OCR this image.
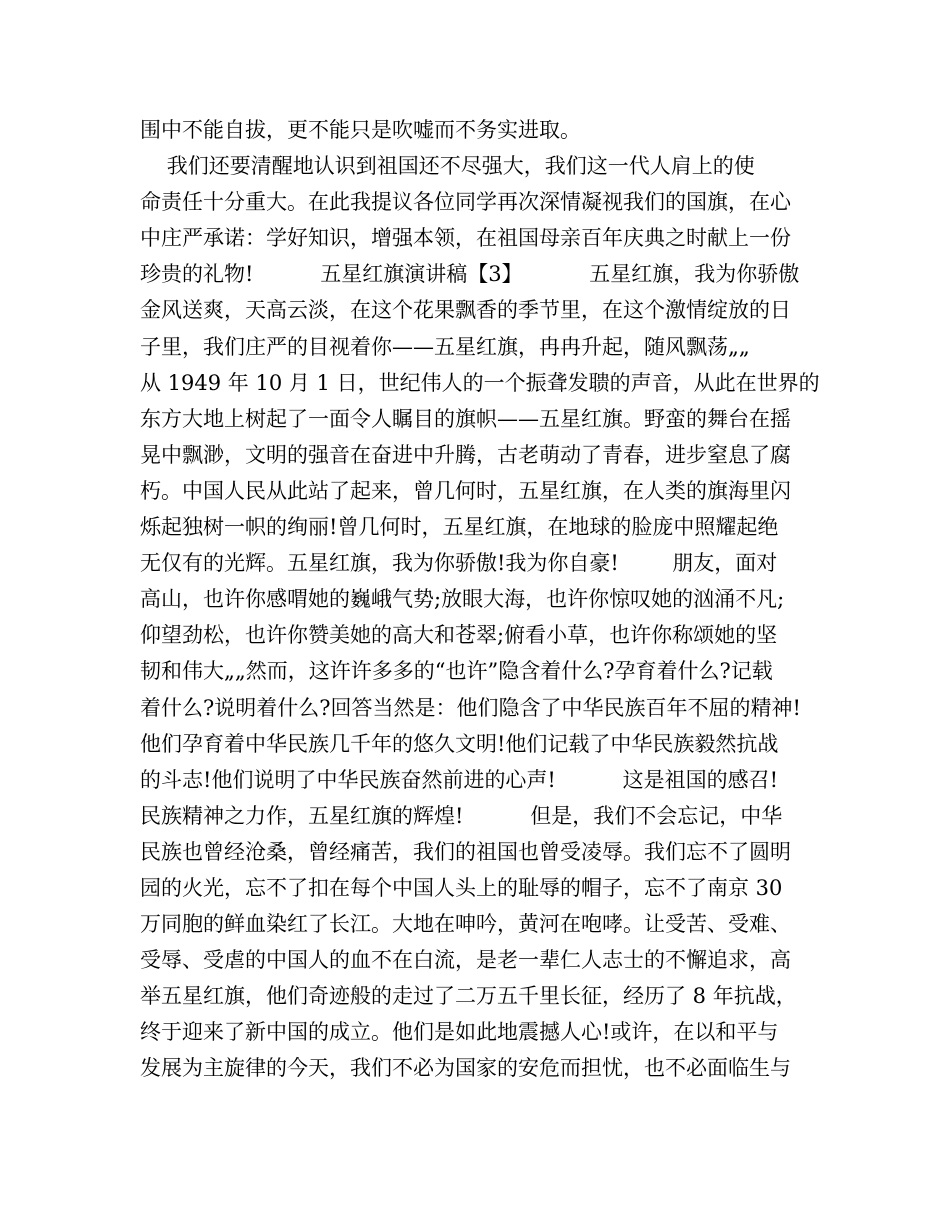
围中不能自拔，更不能只是吹嘘而不务实进取。
我们还要清醒地认识到祖国还不尽强大，我们这一代人肩上的使
命责任十分重大。在此我提议各位同学再次深情凝视我们的国旗，在心
中庄严承诺：学好知识，增强本领，在祖国母亲百年庆典之时献上一份
珍贵的礼物!          五星红旗演讲稿【3】          五星红旗，我为你骄傲
金风送爽，天高云淡，在这个花果飘香的季节里，在这个激情绽放的日
子里，我们庄严的目视着你——五星红旗，冉冉升起，随风飘荡„„
从 1949 年 10 月 1 日，世纪伟人的一个振聋发聩的声音，从此在世界的
东方大地上树起了一面令人瞩目的旗帜——五星红旗。野蛮的舞台在摇
晃中飘渺，文明的强音在奋进中升腾，古老萌动了青春，进步窒息了腐
朽。中国人民从此站了起来，曾几何时，五星红旗，在人类的旗海里闪
烁起独树一帜的绚丽!曾几何时，五星红旗，在地球的脸庞中照耀起绝
无仅有的光辉。五星红旗，我为你骄傲!我为你自豪!        朋友，面对
高山，也许你感喟她的巍峨气势;放眼大海，也许你惊叹她的汹涌不凡;
仰望劲松，也许你赞美她的高大和苍翠;俯看小草，也许你称颂她的坚
韧和伟大„„然而，这许许多多的“也许”隐含着什么?孕育着什么?记载
着什么?说明着什么?回答当然是：他们隐含了中华民族百年不屈的精神!
他们孕育着中华民族几千年的悠久文明!他们记载了中华民族毅然抗战
的斗志!他们说明了中华民族奋然前进的心声!          这是祖国的感召!
民族精神之力作，五星红旗的辉煌!          但是，我们不会忘记，中华
民族也曾经沧桑，曾经痛苦，我们的祖国也曾受凌辱。我们忘不了圆明
园的火光，忘不了扣在每个中国人头上的耻辱的帽子，忘不了南京 30
万同胞的鲜血染红了长江。大地在呻吟，黄河在咆哮。让受苦、受难、
受辱、受虐的中国人的血不在白流，是老一辈仁人志士的不懈追求，高
举五星红旗，他们奇迹般的走过了二万五千里长征，经历了 8 年抗战，
终于迎来了新中国的成立。他们是如此地震撼人心!或许，在以和平与
发展为主旋律的今天，我们不必为国家的安危而担忧，也不必面临生与
